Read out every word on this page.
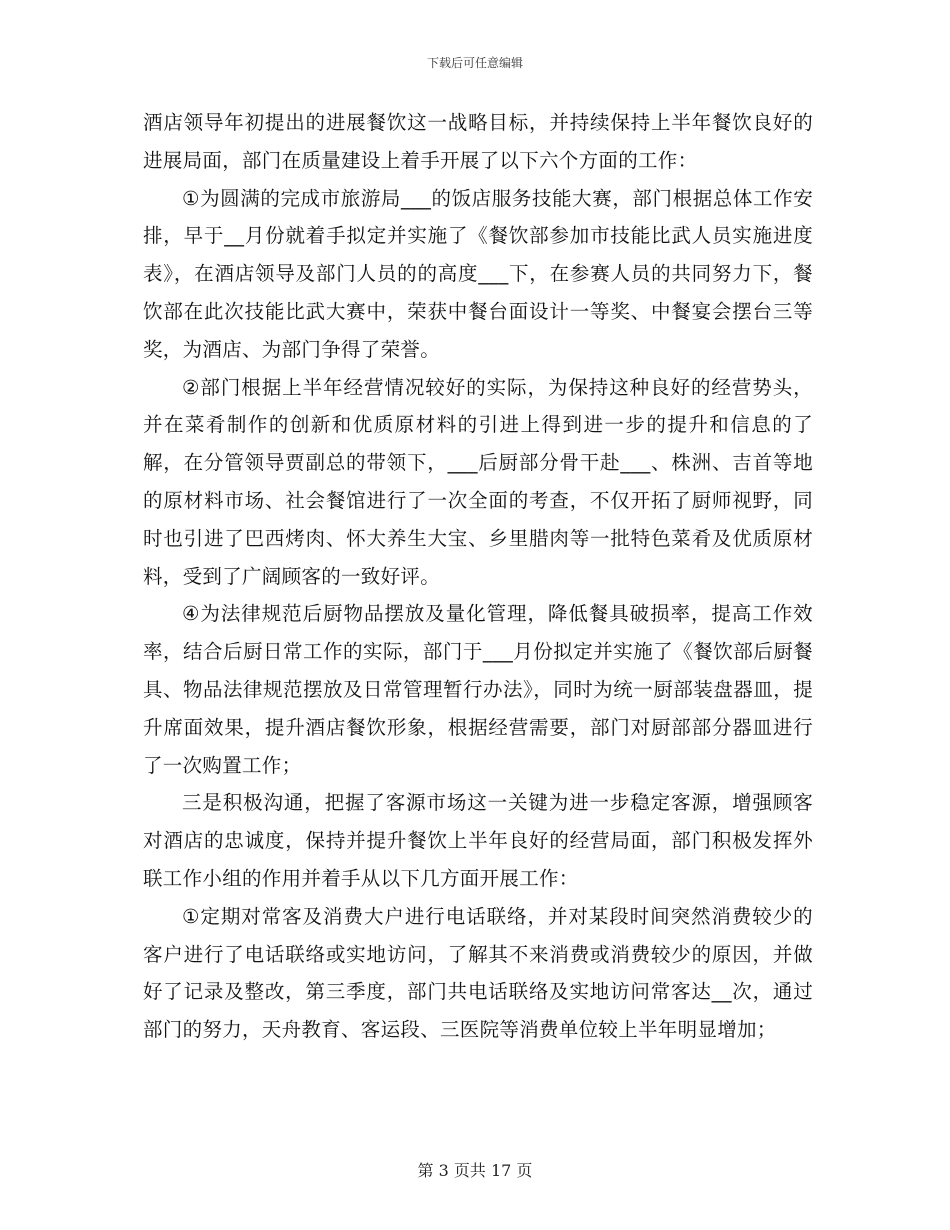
下载后可任意编辑

酒店领导年初提出的进展餐饮这一战略目标，并持续保持上半年餐饮良好的进展局面，部门在质量建设上着手开展了以下六个方面的工作：

①为圆满的完成市旅游局___的饭店服务技能大赛，部门根据总体工作安排，早于__月份就着手拟定并实施了《餐饮部参加市技能比武人员实施进度表》，在酒店领导及部门人员的的高度___下，在参赛人员的共同努力下，餐饮部在此次技能比武大赛中，荣获中餐台面设计一等奖、中餐宴会摆台三等奖，为酒店、为部门争得了荣誉。

②部门根据上半年经营情况较好的实际，为保持这种良好的经营势头，并在菜肴制作的创新和优质原材料的引进上得到进一步的提升和信息的了解，在分管领导贾副总的带领下，___后厨部分骨干赴___、株洲、吉首等地的原材料市场、社会餐馆进行了一次全面的考查，不仅开拓了厨师视野，同时也引进了巴西烤肉、怀大养生大宝、乡里腊肉等一批特色菜肴及优质原材料，受到了广阔顾客的一致好评。

④为法律规范后厨物品摆放及量化管理，降低餐具破损率，提高工作效率，结合后厨日常工作的实际，部门于___月份拟定并实施了《餐饮部后厨餐具、物品法律规范摆放及日常管理暂行办法》，同时为统一厨部装盘器皿，提升席面效果，提升酒店餐饮形象，根据经营需要，部门对厨部部分器皿进行了一次购置工作；

三是积极沟通，把握了客源市场这一关键为进一步稳定客源，增强顾客对酒店的忠诚度，保持并提升餐饮上半年良好的经营局面，部门积极发挥外联工作小组的作用并着手从以下几方面开展工作：

①定期对常客及消费大户进行电话联络，并对某段时间突然消费较少的客户进行了电话联络或实地访问，了解其不来消费或消费较少的原因，并做好了记录及整改，第三季度，部门共电话联络及实地访问常客达__次，通过部门的努力，天舟教育、客运段、三医院等消费单位较上半年明显增加；

第 3 页共 17 页
